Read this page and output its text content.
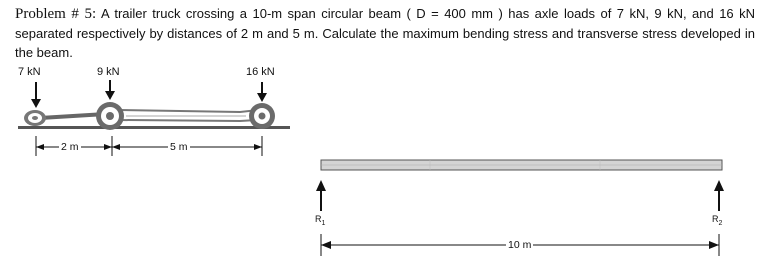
Problem # 5: A trailer truck crossing a 10-m span circular beam ( D = 400 mm ) has axle loads of 7 kN, 9 kN, and 16 kN separated respectively by distances of 2 m and 5 m. Calculate the maximum bending stress and transverse stress developed in the beam.
7 kN	9 kN	16 kN
2 m	5 m
$R_1$	$R_2$
10 m
